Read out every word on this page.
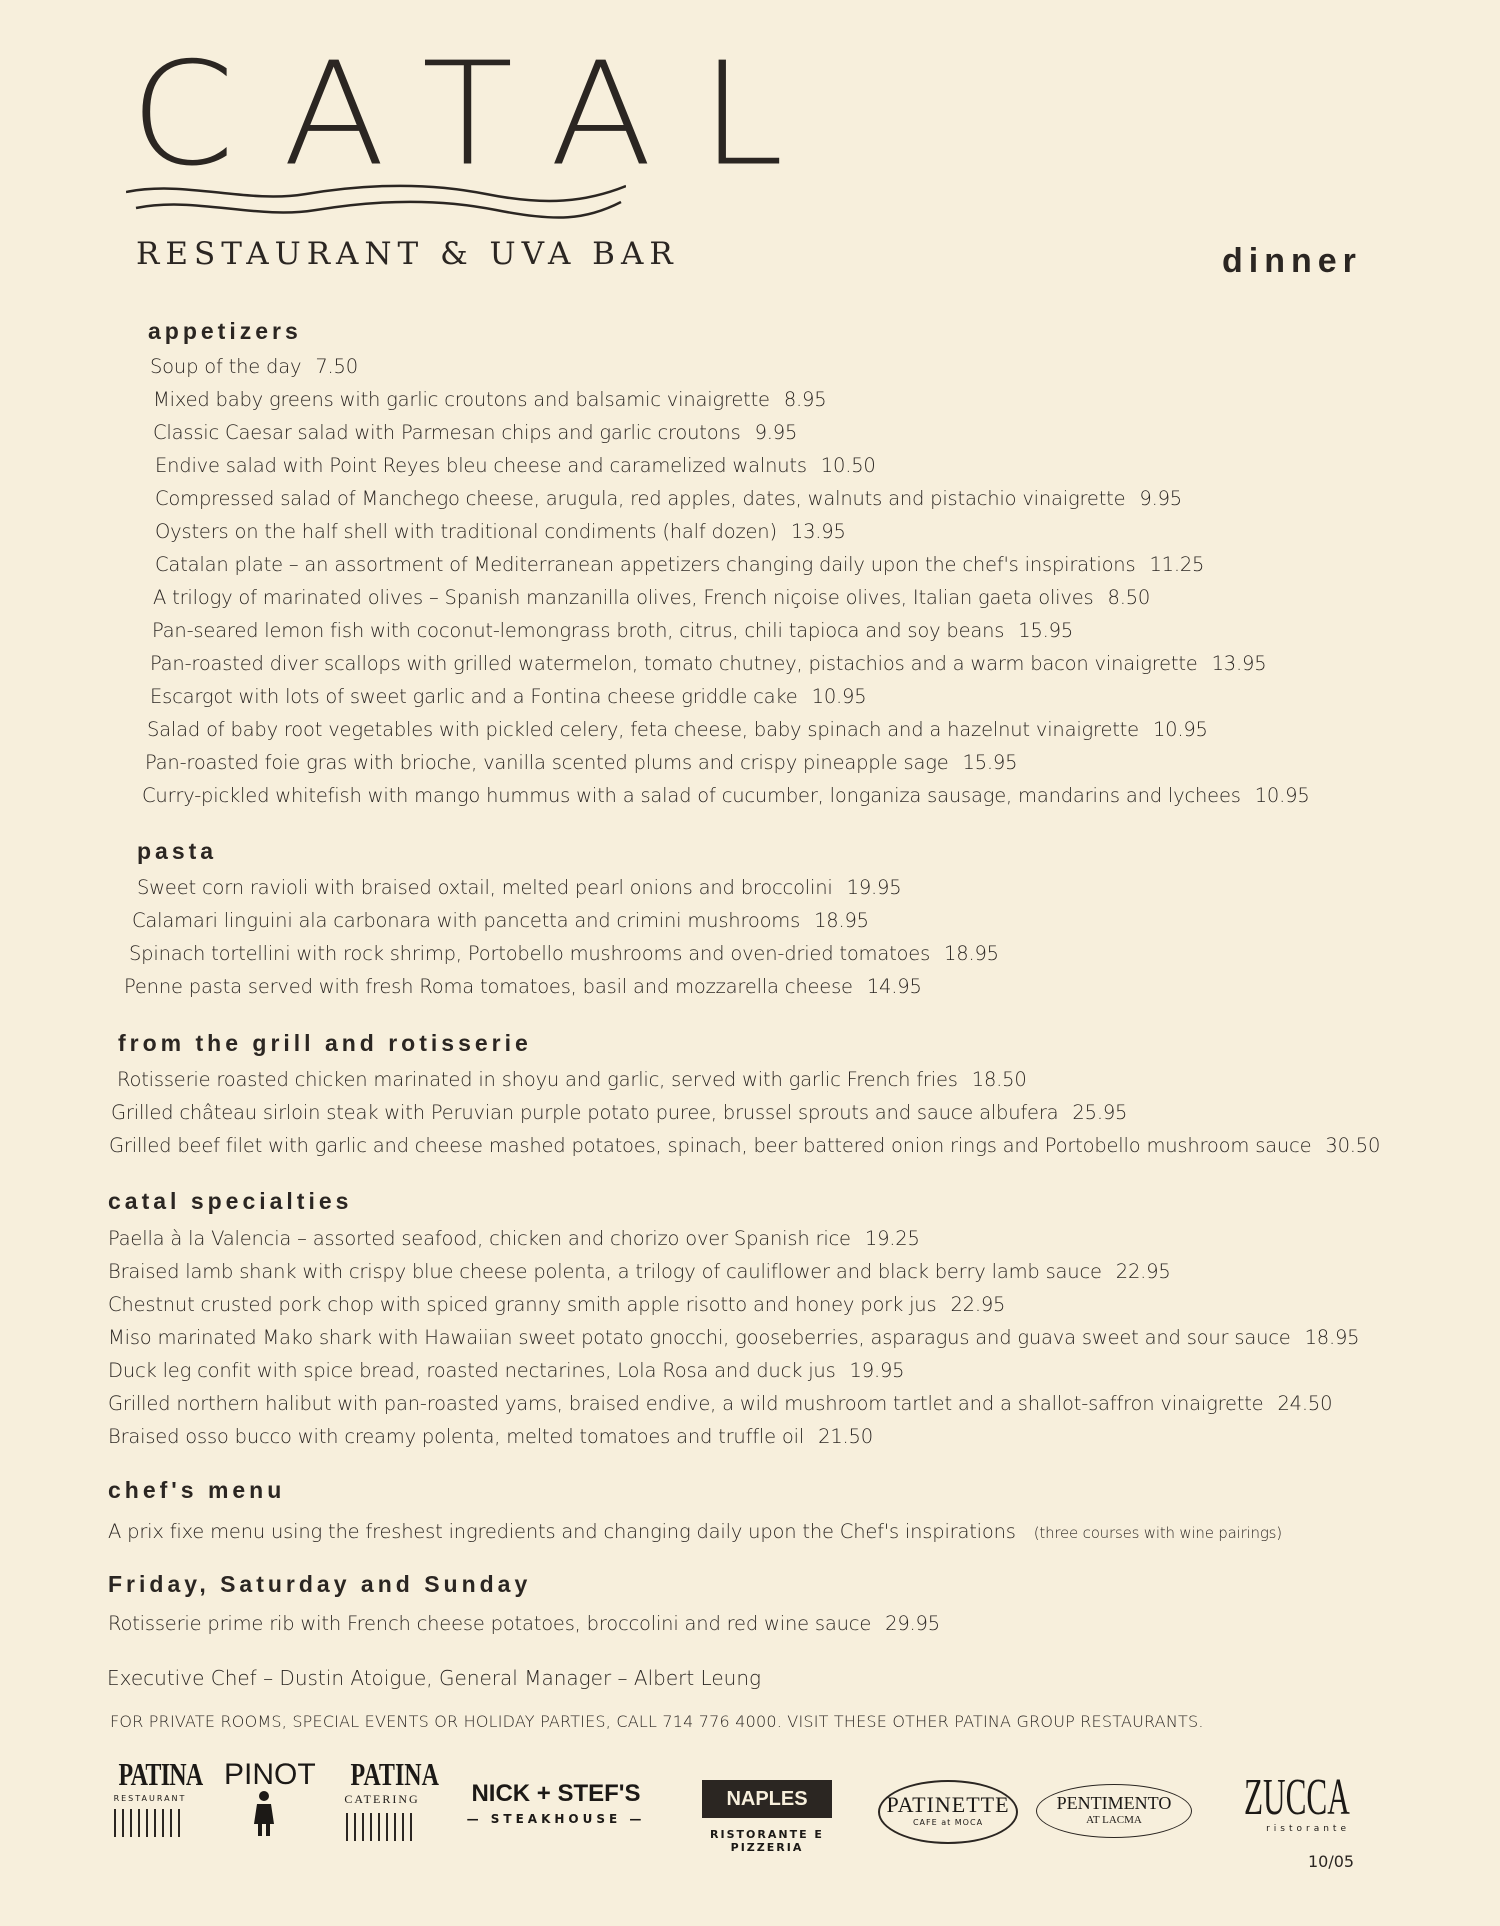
CATAL
RESTAURANT & UVA BAR	dinner
appetizers
Soup of the day 7.50
Mixed baby greens with garlic croutons and balsamic vinaigrette 8.95
Classic Caesar salad with Parmesan chips and garlic croutons 9.95
Endive salad with Point Reyes bleu cheese and caramelized walnuts 10.50
Compressed salad of Manchego cheese, arugula, red apples, dates, walnuts and pistachio vinaigrette 9.95
Oysters on the half shell with traditional condiments (half dozen) 13.95
Catalan plate – an assortment of Mediterranean appetizers changing daily upon the chef's inspirations 11.25
A trilogy of marinated olives – Spanish manzanilla olives, French niçoise olives, Italian gaeta olives 8.50
Pan-seared lemon fish with coconut-lemongrass broth, citrus, chili tapioca and soy beans 15.95
Pan-roasted diver scallops with grilled watermelon, tomato chutney, pistachios and a warm bacon vinaigrette 13.95
Escargot with lots of sweet garlic and a Fontina cheese griddle cake 10.95
Salad of baby root vegetables with pickled celery, feta cheese, baby spinach and a hazelnut vinaigrette 10.95
Pan-roasted foie gras with brioche, vanilla scented plums and crispy pineapple sage 15.95
Curry-pickled whitefish with mango hummus with a salad of cucumber, longaniza sausage, mandarins and lychees 10.95
pasta
Sweet corn ravioli with braised oxtail, melted pearl onions and broccolini 19.95
Calamari linguini ala carbonara with pancetta and crimini mushrooms 18.95
Spinach tortellini with rock shrimp, Portobello mushrooms and oven-dried tomatoes 18.95
Penne pasta served with fresh Roma tomatoes, basil and mozzarella cheese 14.95
from the grill and rotisserie
Rotisserie roasted chicken marinated in shoyu and garlic, served with garlic French fries 18.50
Grilled château sirloin steak with Peruvian purple potato puree, brussel sprouts and sauce albufera 25.95
Grilled beef filet with garlic and cheese mashed potatoes, spinach, beer battered onion rings and Portobello mushroom sauce 30.50
catal specialties
Paella à la Valencia – assorted seafood, chicken and chorizo over Spanish rice 19.25
Braised lamb shank with crispy blue cheese polenta, a trilogy of cauliflower and black berry lamb sauce 22.95
Chestnut crusted pork chop with spiced granny smith apple risotto and honey pork jus 22.95
Miso marinated Mako shark with Hawaiian sweet potato gnocchi, gooseberries, asparagus and guava sweet and sour sauce 18.95
Duck leg confit with spice bread, roasted nectarines, Lola Rosa and duck jus 19.95
Grilled northern halibut with pan-roasted yams, braised endive, a wild mushroom tartlet and a shallot-saffron vinaigrette 24.50
Braised osso bucco with creamy polenta, melted tomatoes and truffle oil 21.50
chef's menu
A prix fixe menu using the freshest ingredients and changing daily upon the Chef's inspirations (three courses with wine pairings)
Friday, Saturday and Sunday
Rotisserie prime rib with French cheese potatoes, broccolini and red wine sauce 29.95
Executive Chef – Dustin Atoigue, General Manager – Albert Leung
FOR PRIVATE ROOMS, SPECIAL EVENTS OR HOLIDAY PARTIES, CALL 714 776 4000. VISIT THESE OTHER PATINA GROUP RESTAURANTS.
PATINA
RESTAURANT
PINOT PATINA
CATERING	NICK + STEF'S
— STEAKHOUSE —
NAPLES
RISTORANTE E PIZZERIA
PATINETTE
CAFE at MOCA
PENTIMENTO
AT LACMA	ZUCCA
ristorante
10/05
